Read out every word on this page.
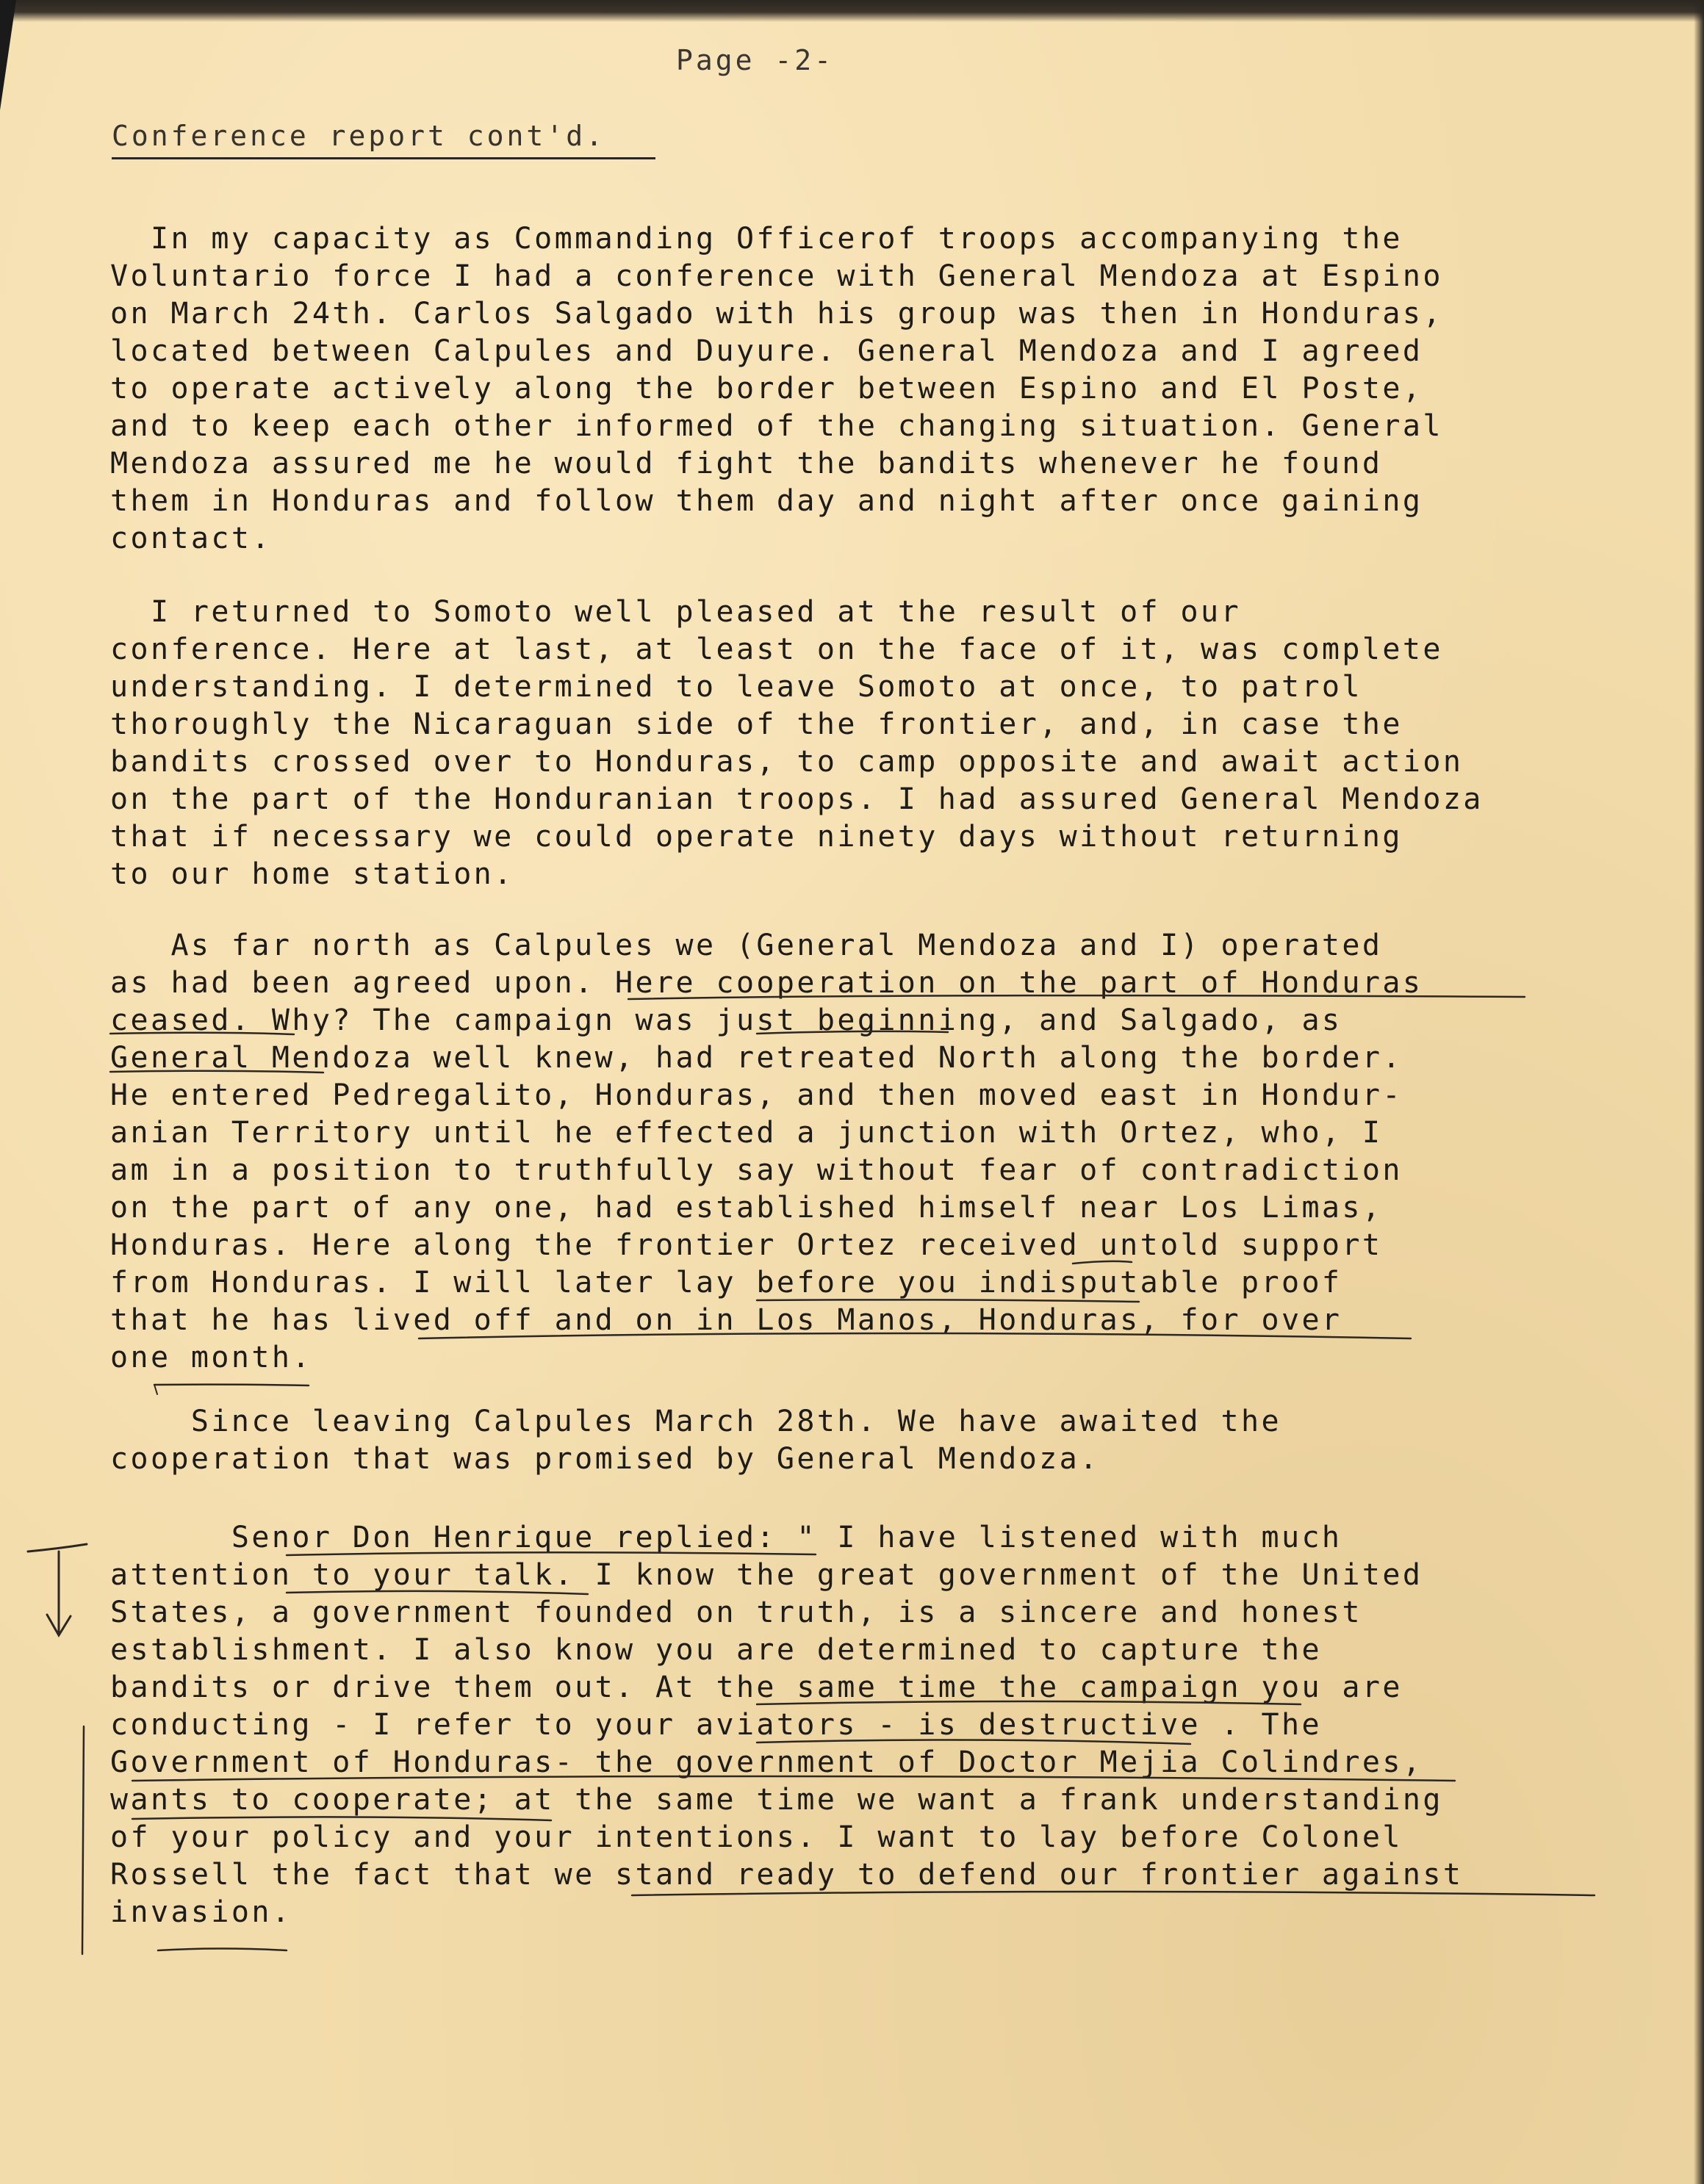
Page -2-
Conference report cont'd.
In my capacity as Commanding Officerof troops accompanying the
Voluntario force I had a conference with General Mendoza at Espino
on March 24th. Carlos Salgado with his group was then in Honduras,
located between Calpules and Duyure. General Mendoza and I agreed
to operate actively along the border between Espino and El Poste,
and to keep each other informed of the changing situation. General
Mendoza assured me he would fight the bandits whenever he found
them in Honduras and follow them day and night after once gaining
contact.
I returned to Somoto well pleased at the result of our
conference. Here at last, at least on the face of it, was complete
understanding. I determined to leave Somoto at once, to patrol
thoroughly the Nicaraguan side of the frontier, and, in case the
bandits crossed over to Honduras, to camp opposite and await action
on the part of the Honduranian troops. I had assured General Mendoza
that if necessary we could operate ninety days without returning
to our home station.
As far north as Calpules we (General Mendoza and I) operated
as had been agreed upon. Here cooperation on the part of Honduras
ceased. Why? The campaign was just beginning, and Salgado, as
General Mendoza well knew, had retreated North along the border.
He entered Pedregalito, Honduras, and then moved east in Hondur-
anian Territory until he effected a junction with Ortez, who, I
am in a position to truthfully say without fear of contradiction
on the part of any one, had established himself near Los Limas,
Honduras. Here along the frontier Ortez received untold support
from Honduras. I will later lay before you indisputable proof
that he has lived off and on in Los Manos, Honduras, for over
one month.
Since leaving Calpules March 28th. We have awaited the
cooperation that was promised by General Mendoza.
Senor Don Henrique replied: " I have listened with much
attention to your talk. I know the great government of the United
States, a government founded on truth, is a sincere and honest
establishment. I also know you are determined to capture the
bandits or drive them out. At the same time the campaign you are
conducting - I refer to your aviators - is destructive . The
Government of Honduras- the government of Doctor Mejia Colindres,
wants to cooperate; at the same time we want a frank understanding
of your policy and your intentions. I want to lay before Colonel
Rossell the fact that we stand ready to defend our frontier against
invasion.
